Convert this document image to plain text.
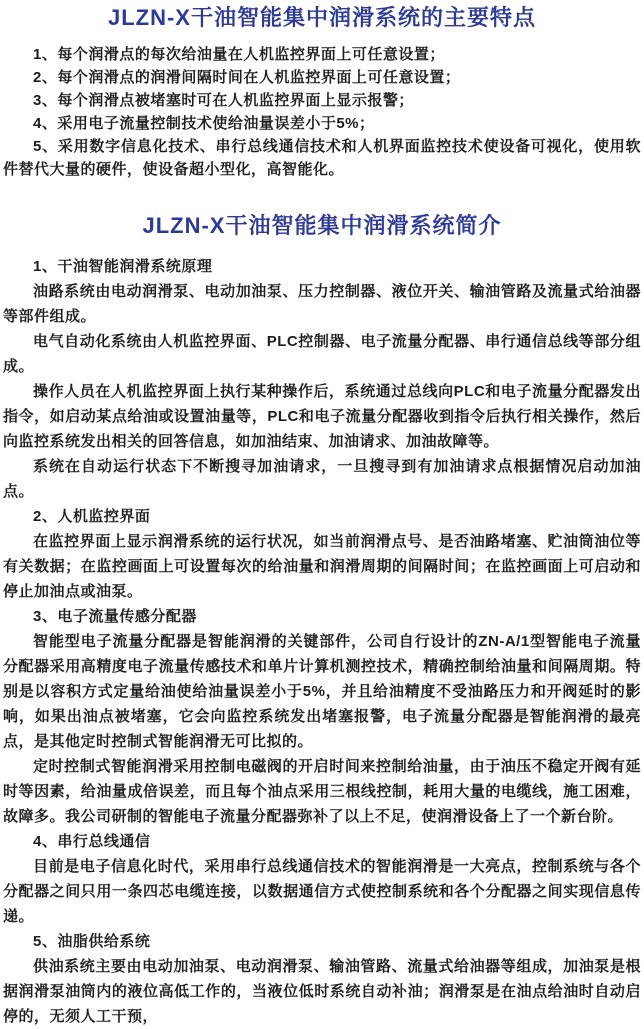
JLZN-X干油智能集中润滑系统的主要特点

1、每个润滑点的每次给油量在人机监控界面上可任意设置；

2、每个润滑点的润滑间隔时间在人机监控界面上可任意设置；

3、每个润滑点被堵塞时可在人机监控界面上显示报警；

4、采用电子流量控制技术使给油量误差小于5%；

5、采用数字信息化技术、串行总线通信技术和人机界面监控技术使设备可视化，使用软件替代大量的硬件，使设备超小型化，高智能化。

JLZN-X干油智能集中润滑系统简介

1、干油智能润滑系统原理

油路系统由电动润滑泵、电动加油泵、压力控制器、液位开关、输油管路及流量式给油器等部件组成。

电气自动化系统由人机监控界面、PLC控制器、电子流量分配器、串行通信总线等部分组成。

操作人员在人机监控界面上执行某种操作后，系统通过总线向PLC和电子流量分配器发出指令，如启动某点给油或设置油量等，PLC和电子流量分配器收到指令后执行相关操作，然后向监控系统发出相关的回答信息，如加油结束、加油请求、加油故障等。

系统在自动运行状态下不断搜寻加油请求，一旦搜寻到有加油请求点根据情况启动加油点。

2、人机监控界面

在监控界面上显示润滑系统的运行状况，如当前润滑点号、是否油路堵塞、贮油筒油位等有关数据；在监控画面上可设置每次的给油量和润滑周期的间隔时间；在监控画面上可启动和停止加油点或油泵。

3、电子流量传感分配器

智能型电子流量分配器是智能润滑的关键部件，公司自行设计的ZN-A/1型智能电子流量分配器采用高精度电子流量传感技术和单片计算机测控技术，精确控制给油量和间隔周期。特别是以容积方式定量给油使给油量误差小于5%，并且给油精度不受油路压力和开阀延时的影响，如果出油点被堵塞，它会向监控系统发出堵塞报警，电子流量分配器是智能润滑的最亮点，是其他定时控制式智能润滑无可比拟的。

定时控制式智能润滑采用控制电磁阀的开启时间来控制给油量，由于油压不稳定开阀有延时等因素，给油量成倍误差，而且每个油点采用三根线控制，耗用大量的电缆线，施工困难，故障多。我公司研制的智能电子流量分配器弥补了以上不足，使润滑设备上了一个新台阶。

4、串行总线通信

目前是电子信息化时代，采用串行总线通信技术的智能润滑是一大亮点，控制系统与各个分配器之间只用一条四芯电缆连接，以数据通信方式使控制系统和各个分配器之间实现信息传递。

5、油脂供给系统

供油系统主要由电动加油泵、电动润滑泵、输油管路、流量式给油器等组成，加油泵是根据润滑泵油筒内的液位高低工作的，当液位低时系统自动补油；润滑泵是在油点给油时自动启停的，无须人工干预，
